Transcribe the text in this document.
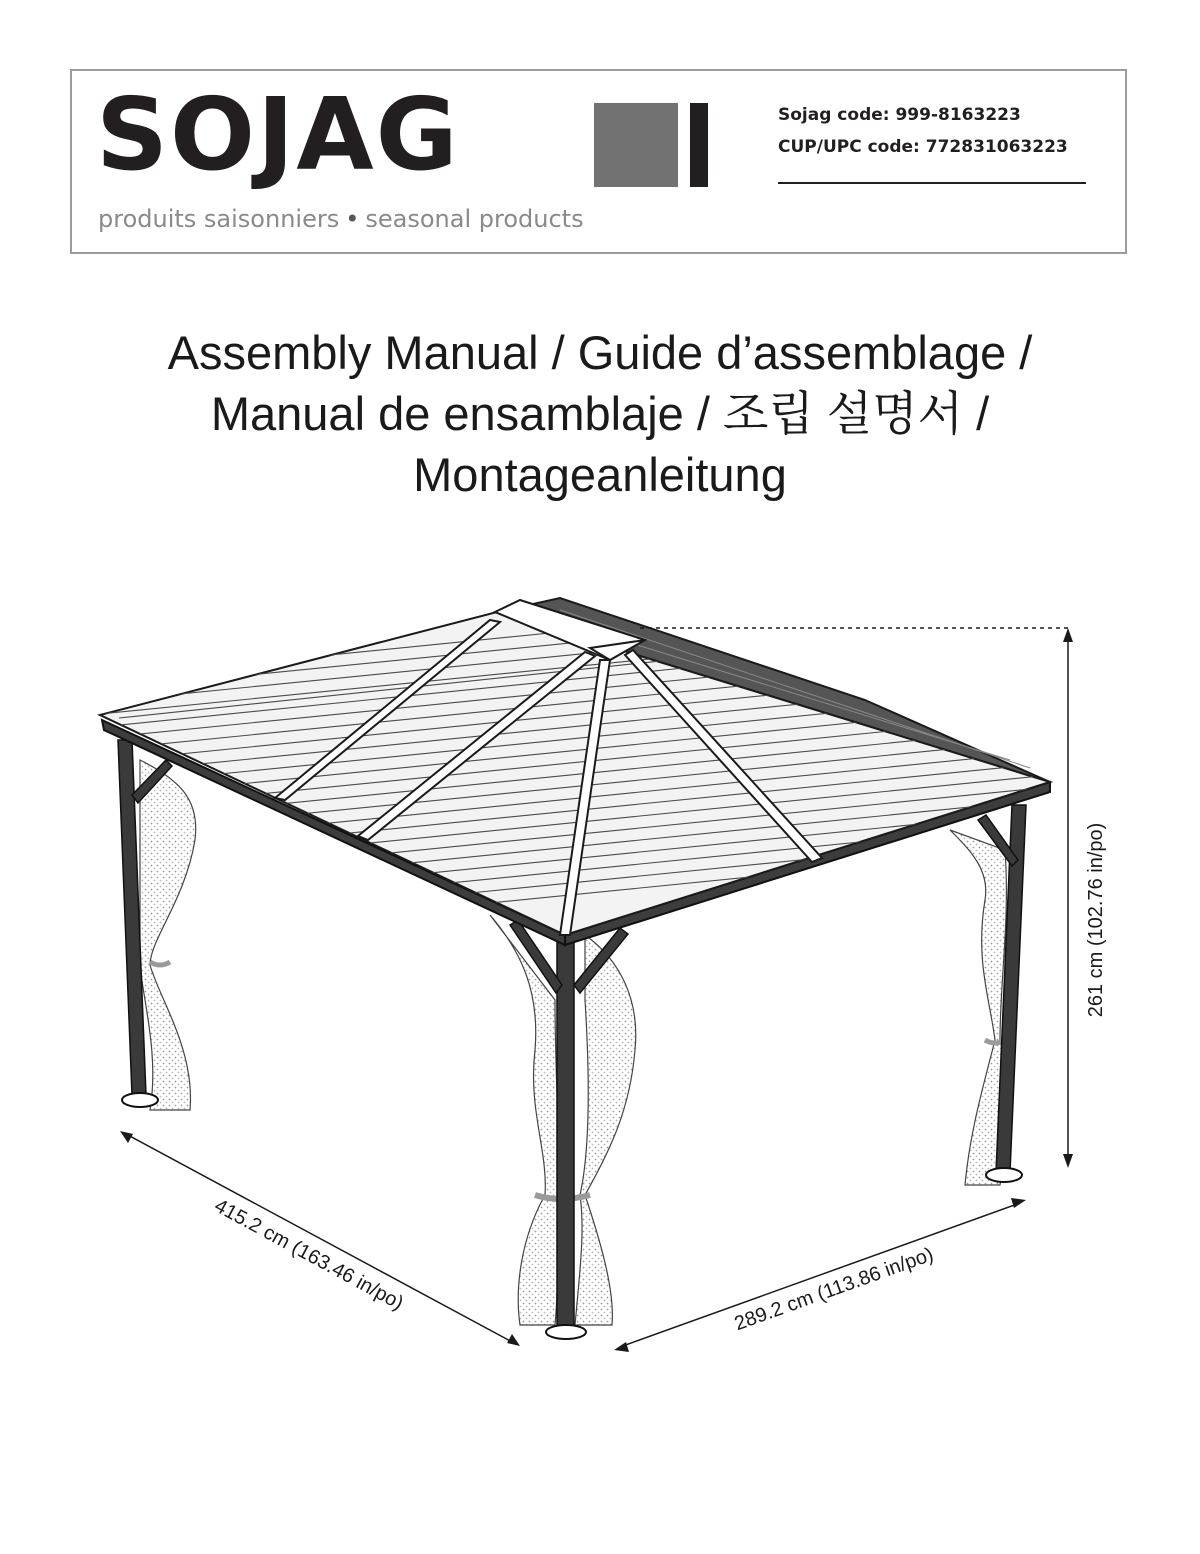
SOJAG
produits saisonniers • seasonal products
Sojag code: 999-8163223
CUP/UPC code: 772831063223
Assembly Manual / Guide d’assemblage /
Manual de ensamblaje / 조립 설명서 /
Montageanleitung
261 cm (102.76 in/po)
415.2 cm (163.46 in/po)	289.2 cm (113.86 in/po)
